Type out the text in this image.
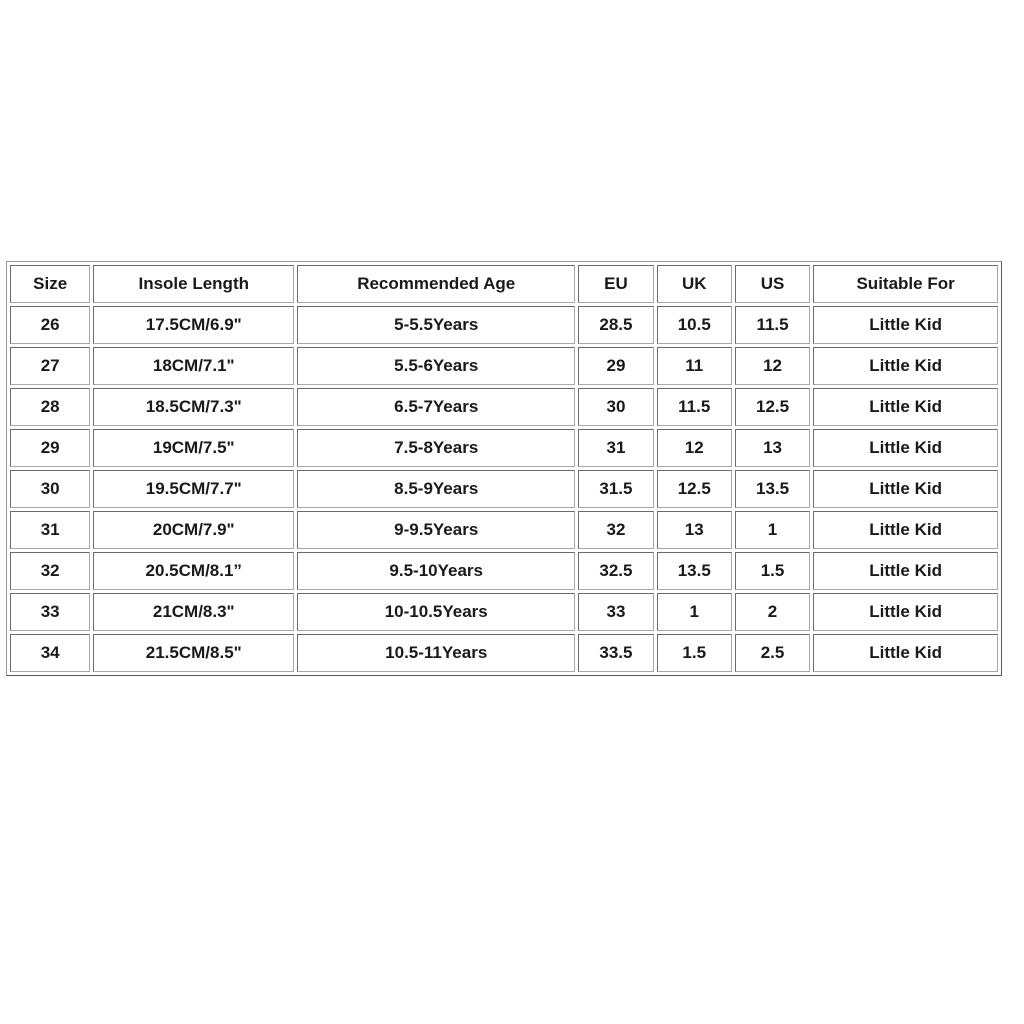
Size	Insole Length	Recommended Age	EU	UK	US	Suitable For
26	17.5CM/6.9"	5-5.5Years	28.5	10.5	11.5	Little Kid
27	18CM/7.1"	5.5-6Years	29	11	12	Little Kid
28	18.5CM/7.3"	6.5-7Years	30	11.5	12.5	Little Kid
29	19CM/7.5"	7.5-8Years	31	12	13	Little Kid
30	19.5CM/7.7"	8.5-9Years	31.5	12.5	13.5	Little Kid
31	20CM/7.9"	9-9.5Years	32	13	1	Little Kid
32	20.5CM/8.1”	9.5-10Years	32.5	13.5	1.5	Little Kid
33	21CM/8.3"	10-10.5Years	33	1	2	Little Kid
34	21.5CM/8.5"	10.5-11Years	33.5	1.5	2.5	Little Kid
